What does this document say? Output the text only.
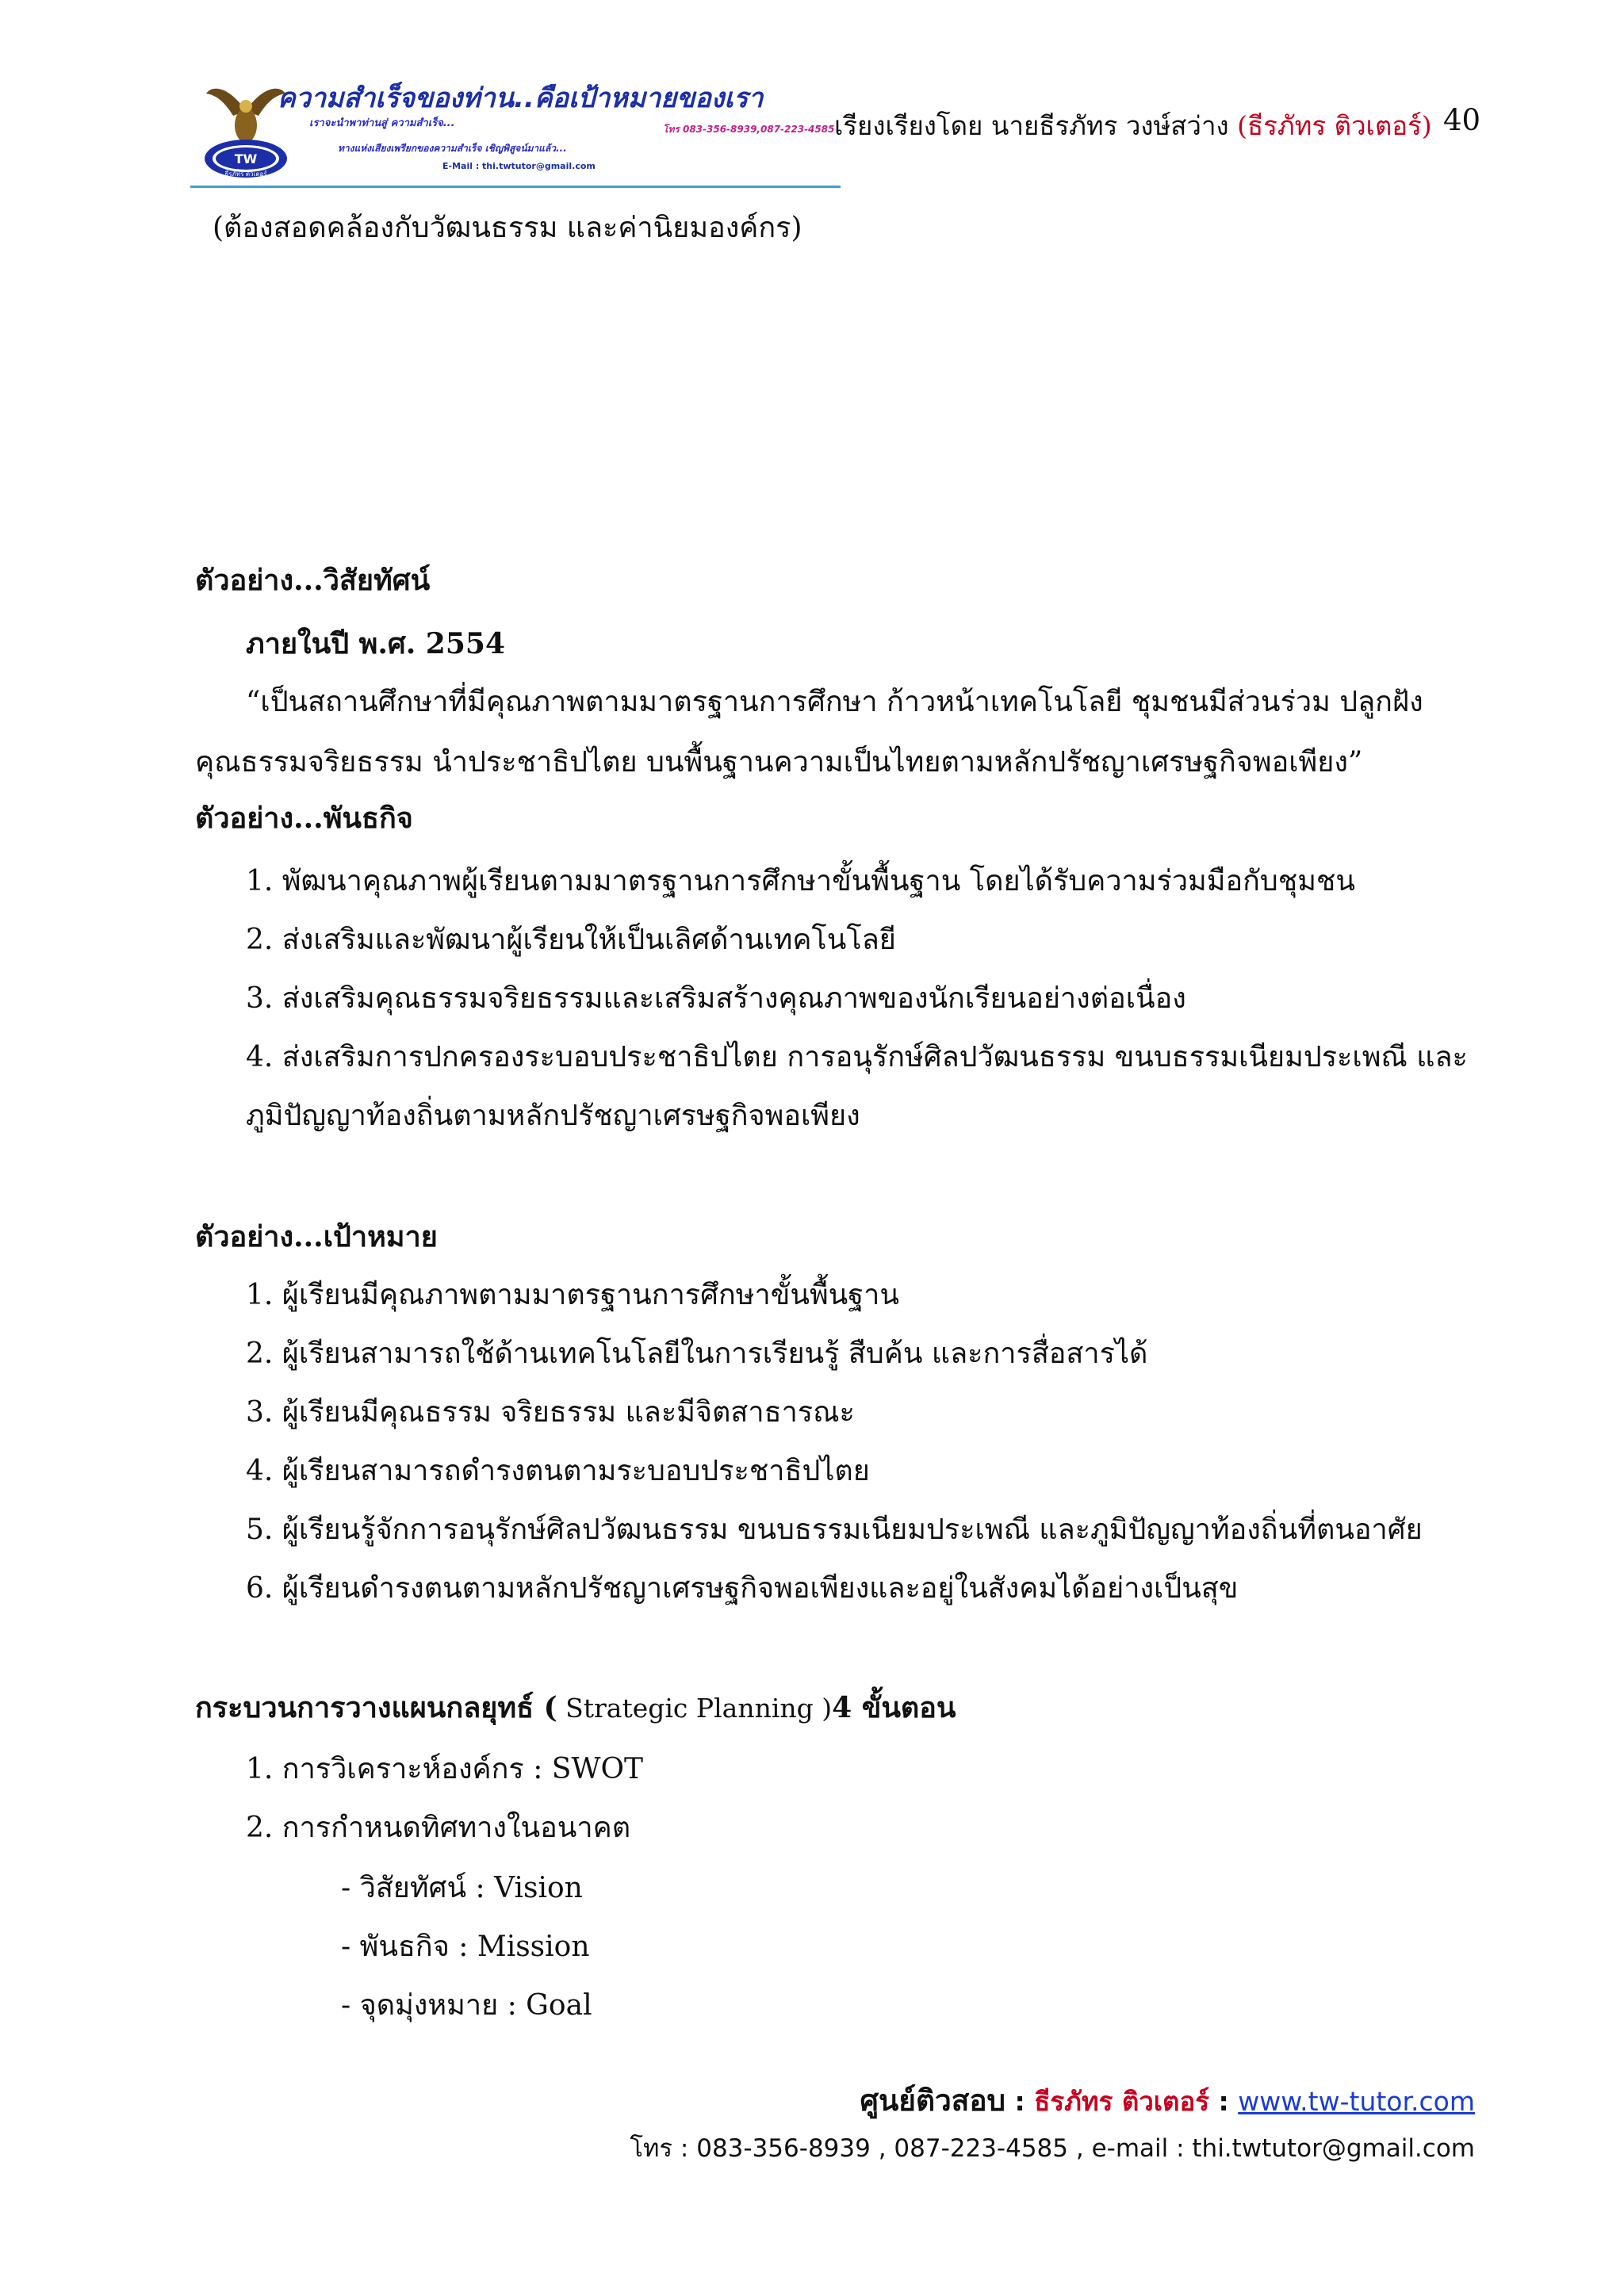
TW
ธีรภัทร ติวเตอร์
ความสำเร็จของท่าน..คือเป้าหมายของเรา
เราจะนำพาท่านสู่ ความสำเร็จ...	โทร 083-356-8939,087-223-4585
ทางแห่งเสียงเพรียกของความสำเร็จ เชิญพิสูจน์มาแล้ว...
E-Mail : thi.twtutor@gmail.com
เรียงเรียงโดย นายธีรภัทร วงษ์สว่าง (ธีรภัทร ติวเตอร์) 40
(ต้องสอดคล้องกับวัฒนธรรม และค่านิยมองค์กร)
ตัวอย่าง...วิสัยทัศน์
ภายในปี พ.ศ. 2554
“เป็นสถานศึกษาที่มีคุณภาพตามมาตรฐานการศึกษา ก้าวหน้าเทคโนโลยี ชุมชนมีส่วนร่วม ปลูกฝัง
คุณธรรมจริยธรรม นำประชาธิปไตย บนพื้นฐานความเป็นไทยตามหลักปรัชญาเศรษฐกิจพอเพียง”
ตัวอย่าง...พันธกิจ
1. พัฒนาคุณภาพผู้เรียนตามมาตรฐานการศึกษาขั้นพื้นฐาน โดยได้รับความร่วมมือกับชุมชน
2. ส่งเสริมและพัฒนาผู้เรียนให้เป็นเลิศด้านเทคโนโลยี
3. ส่งเสริมคุณธรรมจริยธรรมและเสริมสร้างคุณภาพของนักเรียนอย่างต่อเนื่อง
4. ส่งเสริมการปกครองระบอบประชาธิปไตย การอนุรักษ์ศิลปวัฒนธรรม ขนบธรรมเนียมประเพณี และ
ภูมิปัญญาท้องถิ่นตามหลักปรัชญาเศรษฐกิจพอเพียง
ตัวอย่าง...เป้าหมาย
1. ผู้เรียนมีคุณภาพตามมาตรฐานการศึกษาขั้นพื้นฐาน
2. ผู้เรียนสามารถใช้ด้านเทคโนโลยีในการเรียนรู้ สืบค้น และการสื่อสารได้
3. ผู้เรียนมีคุณธรรม จริยธรรม และมีจิตสาธารณะ
4. ผู้เรียนสามารถดำรงตนตามระบอบประชาธิปไตย
5. ผู้เรียนรู้จักการอนุรักษ์ศิลปวัฒนธรรม ขนบธรรมเนียมประเพณี และภูมิปัญญาท้องถิ่นที่ตนอาศัย
6. ผู้เรียนดำรงตนตามหลักปรัชญาเศรษฐกิจพอเพียงและอยู่ในสังคมได้อย่างเป็นสุข
กระบวนการวางแผนกลยุทธ์ ( Strategic Planning )4 ขั้นตอน
1. การวิเคราะห์องค์กร : SWOT
2. การกำหนดทิศทางในอนาคต
- วิสัยทัศน์ : Vision
- พันธกิจ : Mission
- จุดมุ่งหมาย : Goal
ศูนย์ติวสอบ : ธีรภัทร ติวเตอร์ : www.tw-tutor.com
โทร : 083-356-8939 , 087-223-4585 , e-mail : thi.twtutor@gmail.com
